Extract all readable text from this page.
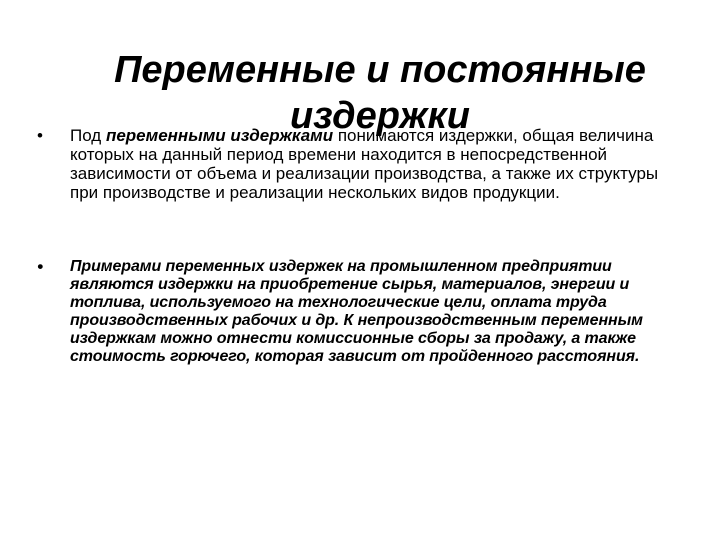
Переменные и постоянные
издержки
•	Под переменными издержками понимаются издержки, общая величина которых на данный период времени находится в непосредственной зависимости от объема и реализации производства, а также их структуры при производстве и реализации нескольких видов продукции.
•	Примерами переменных издержек на промышленном предприятии являются издержки на приобретение сырья, материалов, энергии и топлива, используемого на технологические цели, оплата труда производственных рабочих и др. К непроизводственным переменным издержкам можно отнести комиссионные сборы за продажу, а также стоимость горючего, которая зависит от пройденного расстояния.
